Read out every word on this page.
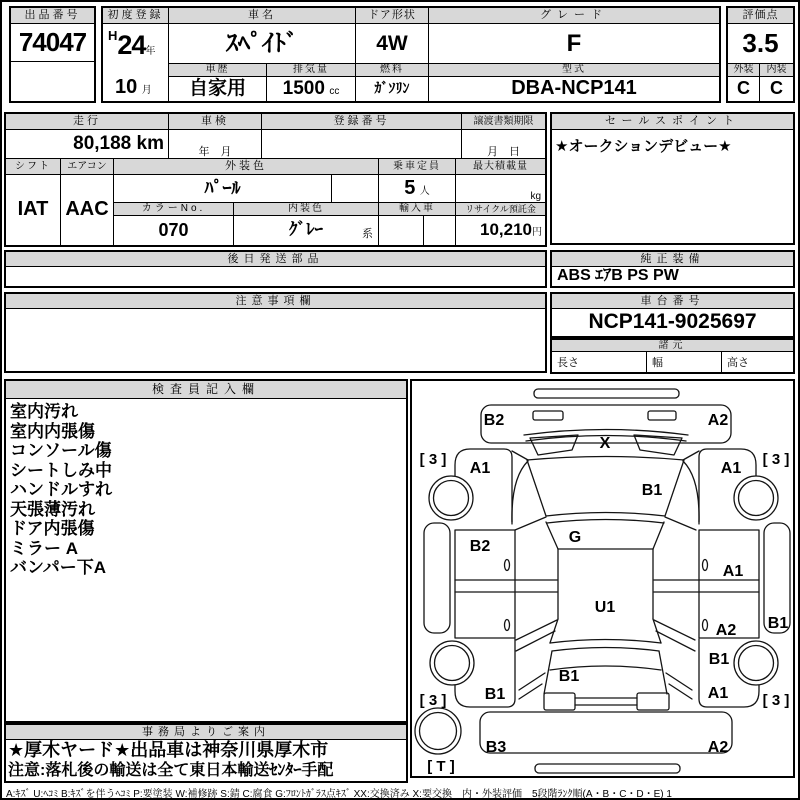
出品番号
74047
初度登録
$^H$24年
10 月
車名
ｽﾍﾟｲﾄﾞ
車歴
自家用
排気量
1500 cc
ドア形状
4W
燃料
ｶﾞｿﾘﾝ
グレード
F
型式
DBA-NCP141
評価点
3.5
外装	内装
C	C
走行
80,188 km
車検
年　月
登録番号	譲渡書類期限
月　日
シフト
IAT
エアコン
AAC
外装色
ﾊﾟｰﾙ
カラーNo.
070
内装色
ｸﾞﾚｰ	系
乗車定員
5 人
最大積載量
kg
輸入車	リサイクル預託金
10,210円
セールスポイント
★オークションデビュー★
後日発送部品	純正装備
ABS ｴｱB PS PW
注意事項欄	車台番号
NCP141-9025697
諸元
長さ	幅	高さ
検査員記入欄
室内汚れ
室内内張傷
コンソール傷
シートしみ中
ハンドルすれ
天張薄汚れ
ドア内張傷
ミラー A
バンパー下A
B2	A2
X
A1	A1
B1
G
B2
A1
U1
B1
A2
B1
B1
B1	A1
B3	A2
[ 3 ]	[ 3 ]
[ 3 ]	[ 3 ]
[ T ]
事務局よりご案内
★厚木ヤード★出品車は神奈川県厚木市
注意:落札後の輸送は全て東日本輸送ｾﾝﾀｰ手配
A:ｷｽﾞ U:ﾍｺﾐ B:ｷｽﾞを伴うﾍｺﾐ P:要塗装 W:補修跡 S:錆 C:腐食 G:ﾌﾛﾝﾄｶﾞﾗｽ点ｷｽﾞ XX:交換済み X:要交換　内・外装評価　5段階ﾗﾝｸ順(A・B・C・D・E) 1
